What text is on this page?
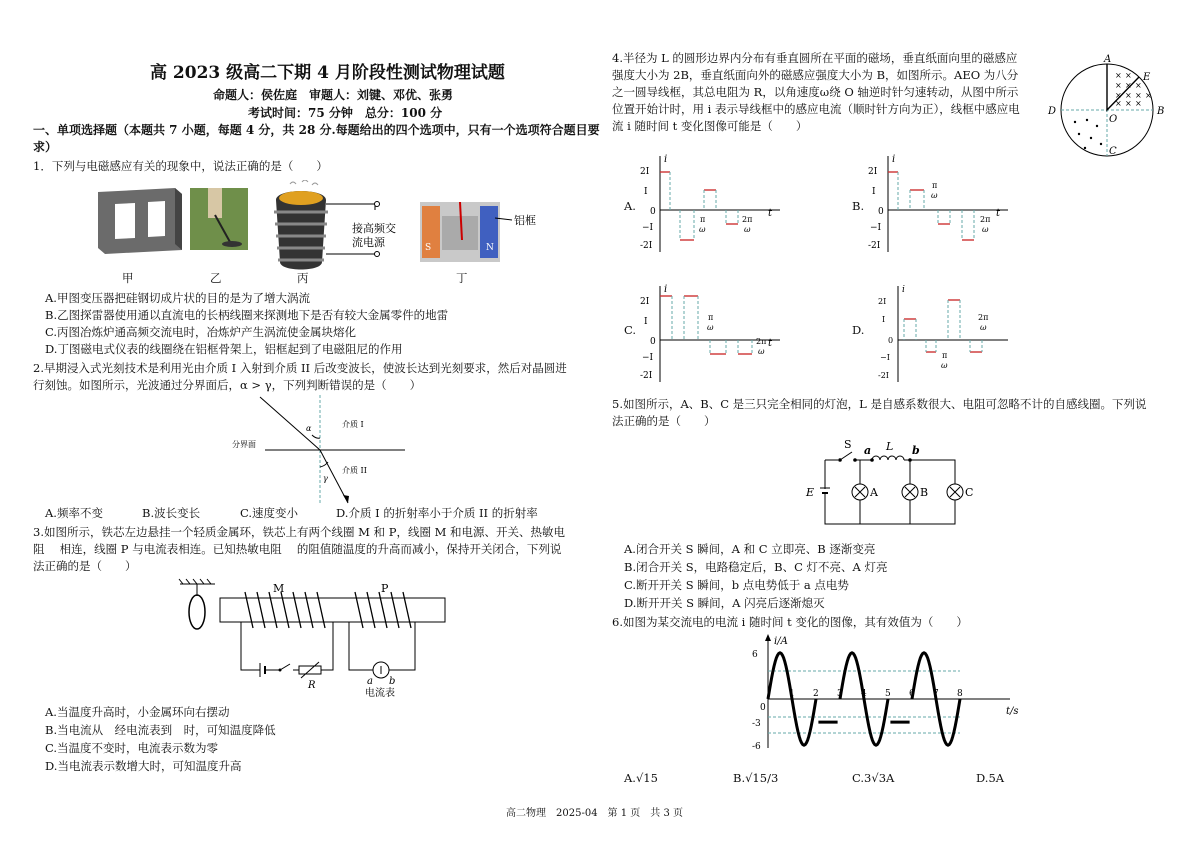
高 2023 级高二下期 4 月阶段性测试物理试题
命题人：侯佐庭　审题人：刘键、邓优、张勇
考试时间：75 分钟　总分：100 分
一、单项选择题（本题共 7 小题，每题 4 分，共 28 分.每题给出的四个选项中，只有一个选项符合题目要
求）
1．下列与电磁感应有关的现象中，说法正确的是（　　）
接高频交
流电源	S	N
铝框
甲	乙	丙	丁
A.甲图变压器把硅钢切成片状的目的是为了增大涡流
B.乙图探雷器使用通以直流电的长柄线圈来探测地下是否有较大金属零件的地雷
C.丙图冶炼炉通高频交流电时，冶炼炉产生涡流使金属块熔化
D.丁图磁电式仪表的线圈绕在铝框骨架上，铝框起到了电磁阻尼的作用
2.早期浸入式光刻技术是利用光由介质 I 入射到介质 II 后改变波长，使波长达到光刻要求，然后对晶圆进
行刻蚀。如图所示，光波通过分界面后，α > γ，下列判断错误的是（　　）
α
γ
分界面
介质 I
介质 II
A.频率不变	B.波长变长	C.速度变小	D.介质 I 的折射率小于介质 II 的折射率
3.如图所示，铁芯左边悬挂一个轻质金属环，铁芯上有两个线圈 M 和 P，线圈 M 和电源、开关、热敏电
阻　 相连，线圈 P 与电流表相连。已知热敏电阻　 的阻值随温度的升高而减小，保持开关闭合，下列说
法正确的是（　　）
M	P
R	a b
电流表
A.当温度升高时，小金属环向右摆动
B.当电流从　经电流表到　时，可知温度降低
C.当温度不变时，电流表示数为零
D.当电流表示数增大时，可知温度升高
4.半径为 L 的圆形边界内分布有垂直圆所在平面的磁场，垂直纸面向里的磁感应
强度大小为 2B，垂直纸面向外的磁感应强度大小为 B，如图所示。AEO 为八分
之一圆导线框，其总电阻为 R，以角速度ω绕 O 轴逆时针匀速转动，从图中所示
位置开始计时，用 i 表示导线框中的感应电流（顺时针方向为正），线框中感应电
流 i 随时间 t 变化图像可能是（　　）
× ×
× × ×
× × × ×
× × ×
A
E
B
D
O
C
A.
i
t
2I
I
0
−I
-2I
π
ω
2π
ω
B.
i
t
2I
I
0
−I
-2I
π
ω
2π
ω
C.
i
t
2I
I
0
−I
-2I
π
ω
2π
ω
D.
i
2I
I
0
−I
-2I
π
ω
2π
ω
5.如图所示，A、B、C 是三只完全相同的灯泡，L 是自感系数很大、电阻可忽略不计的自感线圈。下列说
法正确的是（　　）
S a L b
E	A	B	C
A.闭合开关 S 瞬间，A 和 C 立即亮、B 逐渐变亮
B.闭合开关 S，电路稳定后，B、C 灯不亮、A 灯亮
C.断开开关 S 瞬间，b 点电势低于 a 点电势
D.断开开关 S 瞬间，A 闪亮后逐渐熄灭
6.如图为某交流电的电流 i 随时间 t 变化的图像，其有效值为（　　）
i/A
t/s
0
1 2 3 4 5 6 7 8
6
-3
-6
A.√15	B.√15/3	C.3√3A	D.5A
高二物理　2025-04　第 1 页　共 3 页
